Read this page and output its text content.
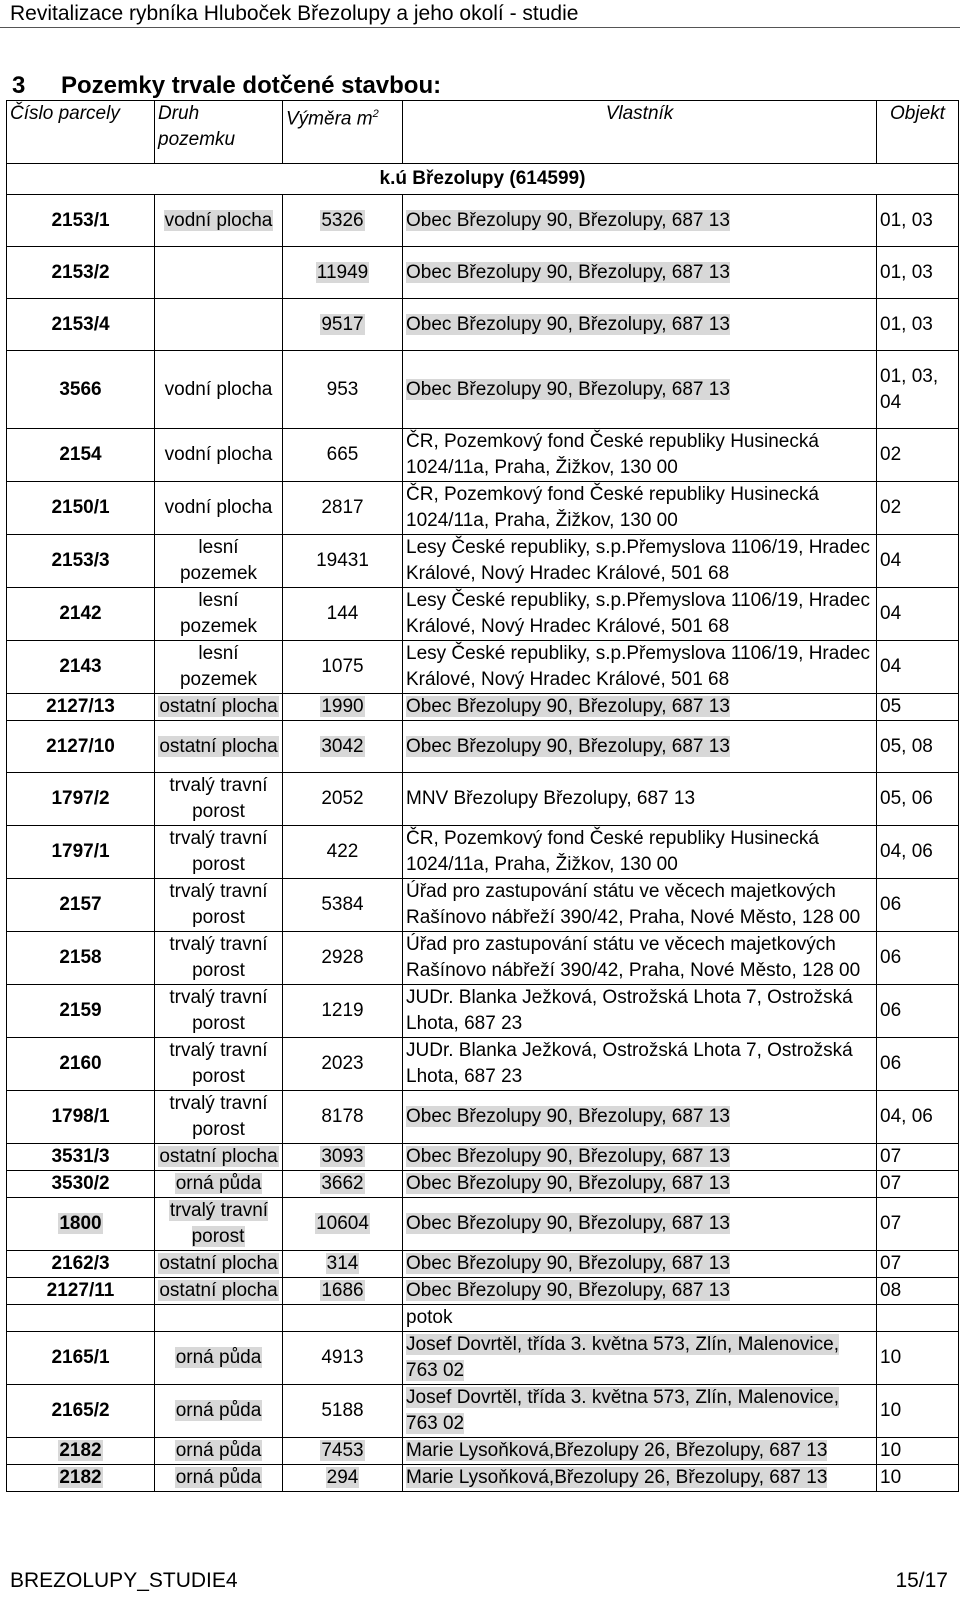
Revitalizace rybníka Hluboček Březolupy a jeho okolí - studie
3 Pozemky trvale dotčené stavbou:
Číslo parcely	Druh pozemku	Výměra $m^2$	Vlastník	Objekt
k.ú Březolupy (614599)				
2153/1	vodní plocha	5326	Obec Březolupy 90, Březolupy, 687 13	01, 03
2153/2		11949	Obec Březolupy 90, Březolupy, 687 13	01, 03
2153/4		9517	Obec Březolupy 90, Březolupy, 687 13	01, 03
3566	vodní plocha	953	Obec Březolupy 90, Březolupy, 687 13	01, 03, 04
2154	vodní plocha	665	ČR, Pozemkový fond České republiky Husinecká 1024/11a, Praha, Žižkov, 130 00	02
2150/1	vodní plocha	2817	ČR, Pozemkový fond České republiky Husinecká 1024/11a, Praha, Žižkov, 130 00	02
2153/3	lesní pozemek	19431	Lesy České republiky, s.p.Přemyslova 1106/19, Hradec Králové, Nový Hradec Králové, 501 68	04
2142	lesní pozemek	144	Lesy České republiky, s.p.Přemyslova 1106/19, Hradec Králové, Nový Hradec Králové, 501 68	04
2143	lesní pozemek	1075	Lesy České republiky, s.p.Přemyslova 1106/19, Hradec Králové, Nový Hradec Králové, 501 68	04
2127/13	ostatní plocha	1990	Obec Březolupy 90, Březolupy, 687 13	05
2127/10	ostatní plocha	3042	Obec Březolupy 90, Březolupy, 687 13	05, 08
1797/2	trvalý travní porost	2052	MNV Březolupy Březolupy, 687 13	05, 06
1797/1	trvalý travní porost	422	ČR, Pozemkový fond České republiky Husinecká 1024/11a, Praha, Žižkov, 130 00	04, 06
2157	trvalý travní porost	5384	Úřad pro zastupování státu ve věcech majetkových Rašínovo nábřeží 390/42, Praha, Nové Město, 128 00	06
2158	trvalý travní porost	2928	Úřad pro zastupování státu ve věcech majetkových Rašínovo nábřeží 390/42, Praha, Nové Město, 128 00	06
2159	trvalý travní porost	1219	JUDr. Blanka Ježková, Ostrožská Lhota 7, Ostrožská Lhota, 687 23	06
2160	trvalý travní porost	2023	JUDr. Blanka Ježková, Ostrožská Lhota 7, Ostrožská Lhota, 687 23	06
1798/1	trvalý travní porost	8178	Obec Březolupy 90, Březolupy, 687 13	04, 06
3531/3	ostatní plocha	3093	Obec Březolupy 90, Březolupy, 687 13	07
3530/2	orná půda	3662	Obec Březolupy 90, Březolupy, 687 13	07
1800	trvalý travní porost	10604	Obec Březolupy 90, Březolupy, 687 13	07
2162/3	ostatní plocha	314	Obec Březolupy 90, Březolupy, 687 13	07
2127/11	ostatní plocha	1686	Obec Březolupy 90, Březolupy, 687 13	08
			potok	
2165/1	orná půda	4913	Josef Dovrtěl, třída 3. května 573, Zlín, Malenovice, 763 02	10
2165/2	orná půda	5188	Josef Dovrtěl, třída 3. května 573, Zlín, Malenovice, 763 02	10
2182	orná půda	7453	Marie Lysoňková,Březolupy 26, Březolupy, 687 13	10
2182	orná půda	294	Marie Lysoňková,Březolupy 26, Březolupy, 687 13	10
BREZOLUPY_STUDIE4	15/17
